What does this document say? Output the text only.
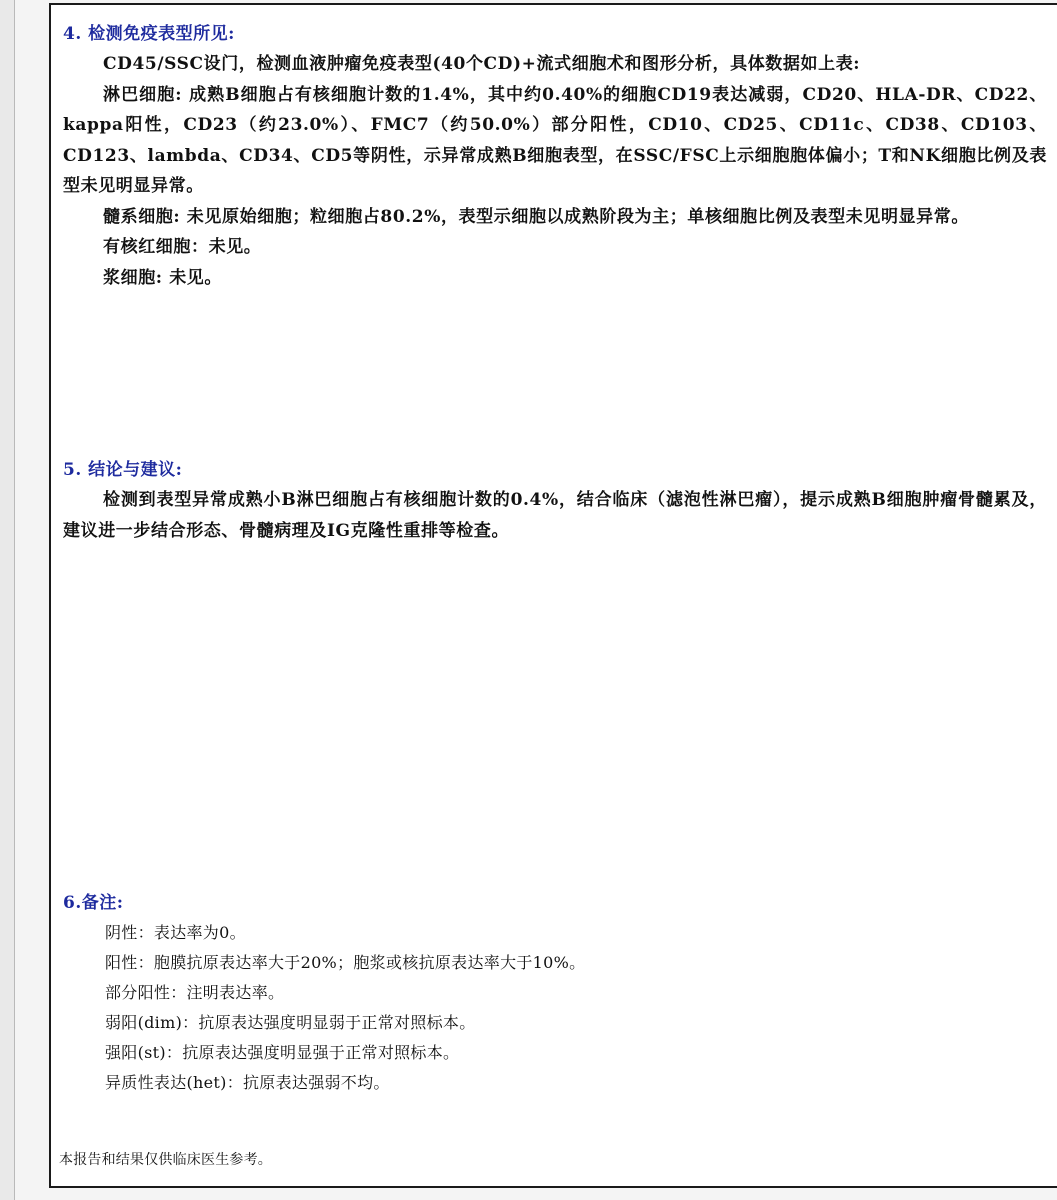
4. 检测免疫表型所见:

CD45/SSC设门，检测血液肿瘤免疫表型(40个CD)+流式细胞术和图形分析，具体数据如上表:

淋巴细胞: 成熟B细胞占有核细胞计数的1.4%，其中约0.40%的细胞CD19表达减弱，CD20、HLA-DR、CD22、kappa阳性，CD23（约23.0%）、FMC7（约50.0%）部分阳性，CD10、CD25、CD11c、CD38、CD103、CD123、lambda、CD34、CD5等阴性，示异常成熟B细胞表型，在SSC/FSC上示细胞胞体偏小；T和NK细胞比例及表型未见明显异常。

髓系细胞: 未见原始细胞；粒细胞占80.2%，表型示细胞以成熟阶段为主；单核细胞比例及表型未见明显异常。

有核红细胞：未见。

浆细胞: 未见。

5. 结论与建议:

检测到表型异常成熟小B淋巴细胞占有核细胞计数的0.4%，结合临床（滤泡性淋巴瘤），提示成熟B细胞肿瘤骨髓累及，建议进一步结合形态、骨髓病理及IG克隆性重排等检查。

6.备注:

阴性：表达率为0。

阳性：胞膜抗原表达率大于20%；胞浆或核抗原表达率大于10%。

部分阳性：注明表达率。

弱阳(dim)：抗原表达强度明显弱于正常对照标本。

强阳(st)：抗原表达强度明显强于正常对照标本。

异质性表达(het)：抗原表达强弱不均。

本报告和结果仅供临床医生参考。
